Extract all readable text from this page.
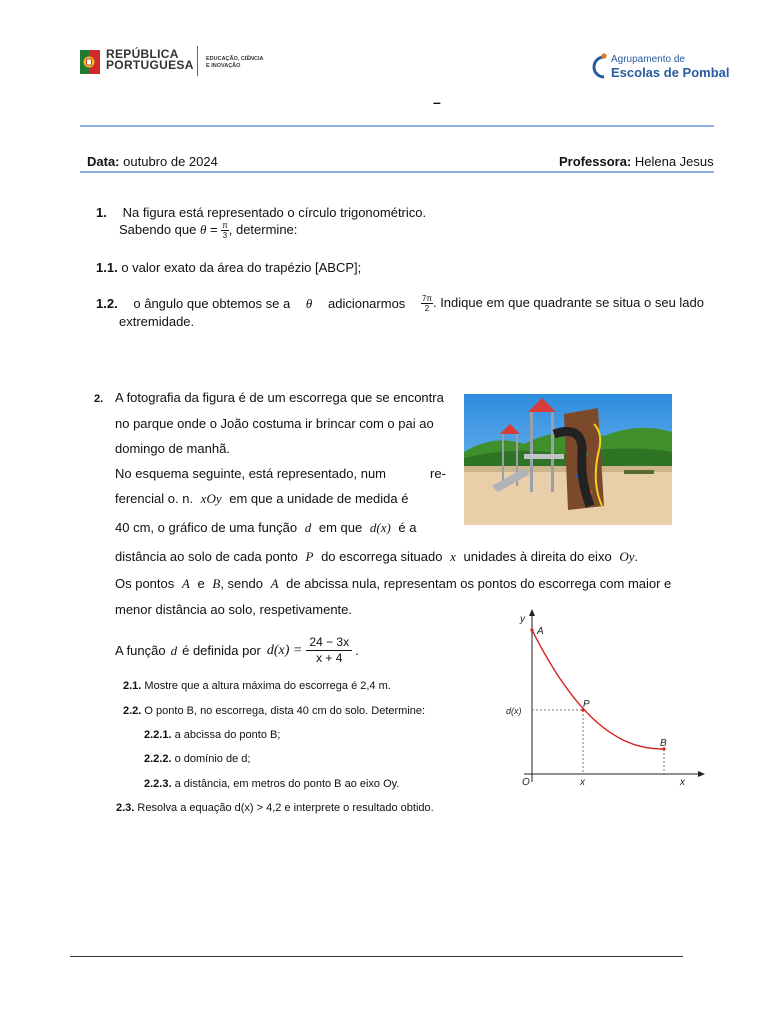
REPÚBLICA
PORTUGUESA EDUCAÇÃO, CIÊNCIA
E INOVAÇÃO
Agrupamento de
Escolas de Pombal
–
Data: outubro de 2024	Professora: Helena Jesus
1. Na figura está representado o círculo trigonométrico.
Sabendo que $\theta = \frac{\pi}{3}$ , determine:
1.1. o valor exato da área do trapézio [ABCP];
1.2. o ângulo que obtemos se a θ adicionarmos $\frac{7\pi}{2}$ . Indique em que quadrante se situa o seu lado
extremidade.
2. A fotografia da figura é de um escorrega que se encontra
no parque onde o João costuma ir brincar com o pai ao
domingo de manhã.
No esquema seguinte, está representado, num	re-
ferencial o. n. xOy em que a unidade de medida é
40 cm, o gráfico de uma função d em que d(x) é a
distância ao solo de cada ponto P do escorrega situado x unidades à direita do eixo Oy.
Os pontos A e B, sendo A de abcissa nula, representam os pontos do escorrega com maior e
menor distância ao solo, respetivamente.
A função d é definida por $d(x) = \frac{24 - 3x}{x + 4}$ .
2.1. Mostre que a altura máxima do escorrega é 2,4 m.
2.2. O ponto B, no escorrega, dista 40 cm do solo. Determine:
2.2.1. a abcissa do ponto B;
2.2.2. o domínio de d;
2.2.3. a distância, em metros do ponto B ao eixo Oy.
2.3. Resolva a equação d(x) > 4,2 e interprete o resultado obtido.
y
x
O
A
P
B
d(x)
x
